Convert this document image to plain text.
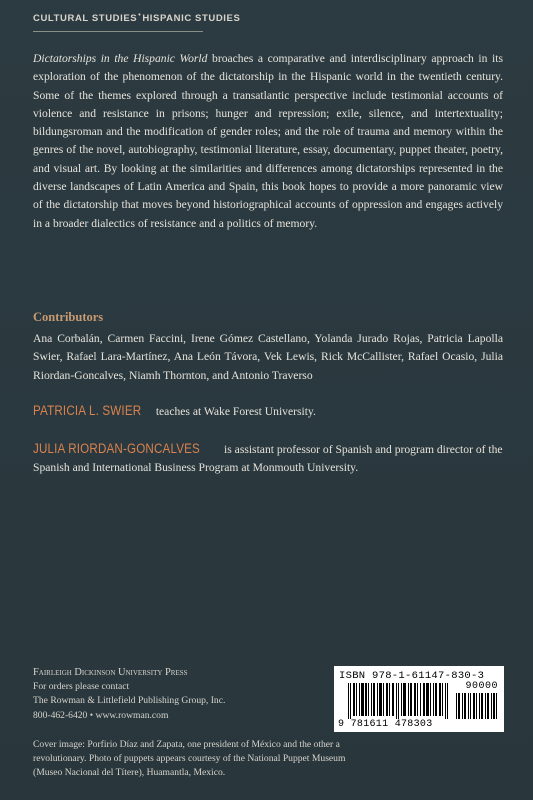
CULTURAL STUDIES•HISPANIC STUDIES

Dictatorships in the Hispanic World broaches a comparative and interdisciplinary approach in its exploration of the phenomenon of the dictatorship in the Hispanic world in the twentieth century. Some of the themes explored through a transatlantic perspective include testimonial accounts of violence and resistance in prisons; hunger and repression; exile, silence, and intertextuality; bildungsroman and the modification of gender roles; and the role of trauma and memory within the genres of the novel, autobiography, testimonial literature, essay, documentary, puppet theater, poetry, and visual art. By looking at the similarities and differences among dictatorships represented in the diverse landscapes of Latin America and Spain, this book hopes to provide a more panoramic view of the dictatorship that moves beyond historiographical accounts of oppression and engages actively in a broader dialectics of resistance and a politics of memory.

Contributors

Ana Corbalán, Carmen Faccini, Irene Gómez Castellano, Yolanda Jurado Rojas, Patricia Lapolla Swier, Rafael Lara-Martínez, Ana León Távora, Vek Lewis, Rick McCallister, Rafael Ocasio, Julia Riordan-Goncalves, Niamh Thornton, and Antonio Traverso

PATRICIA L. SWIER teaches at Wake Forest University.

JULIA RIORDAN-GONCALVES is assistant professor of Spanish and program director of the Spanish and International Business Program at Monmouth University.

Fairleigh Dickinson University Press
For orders please contact
The Rowman & Littlefield Publishing Group, Inc.
800-462-6420 • www.rowman.com
ISBN 978-1-61147-830-3
90000
9 781611 478303

Cover image: Porfirio Díaz and Zapata, one president of México and the other a revolutionary. Photo of puppets appears courtesy of the National Puppet Museum (Museo Nacional del Títere), Huamantla, Mexico.
